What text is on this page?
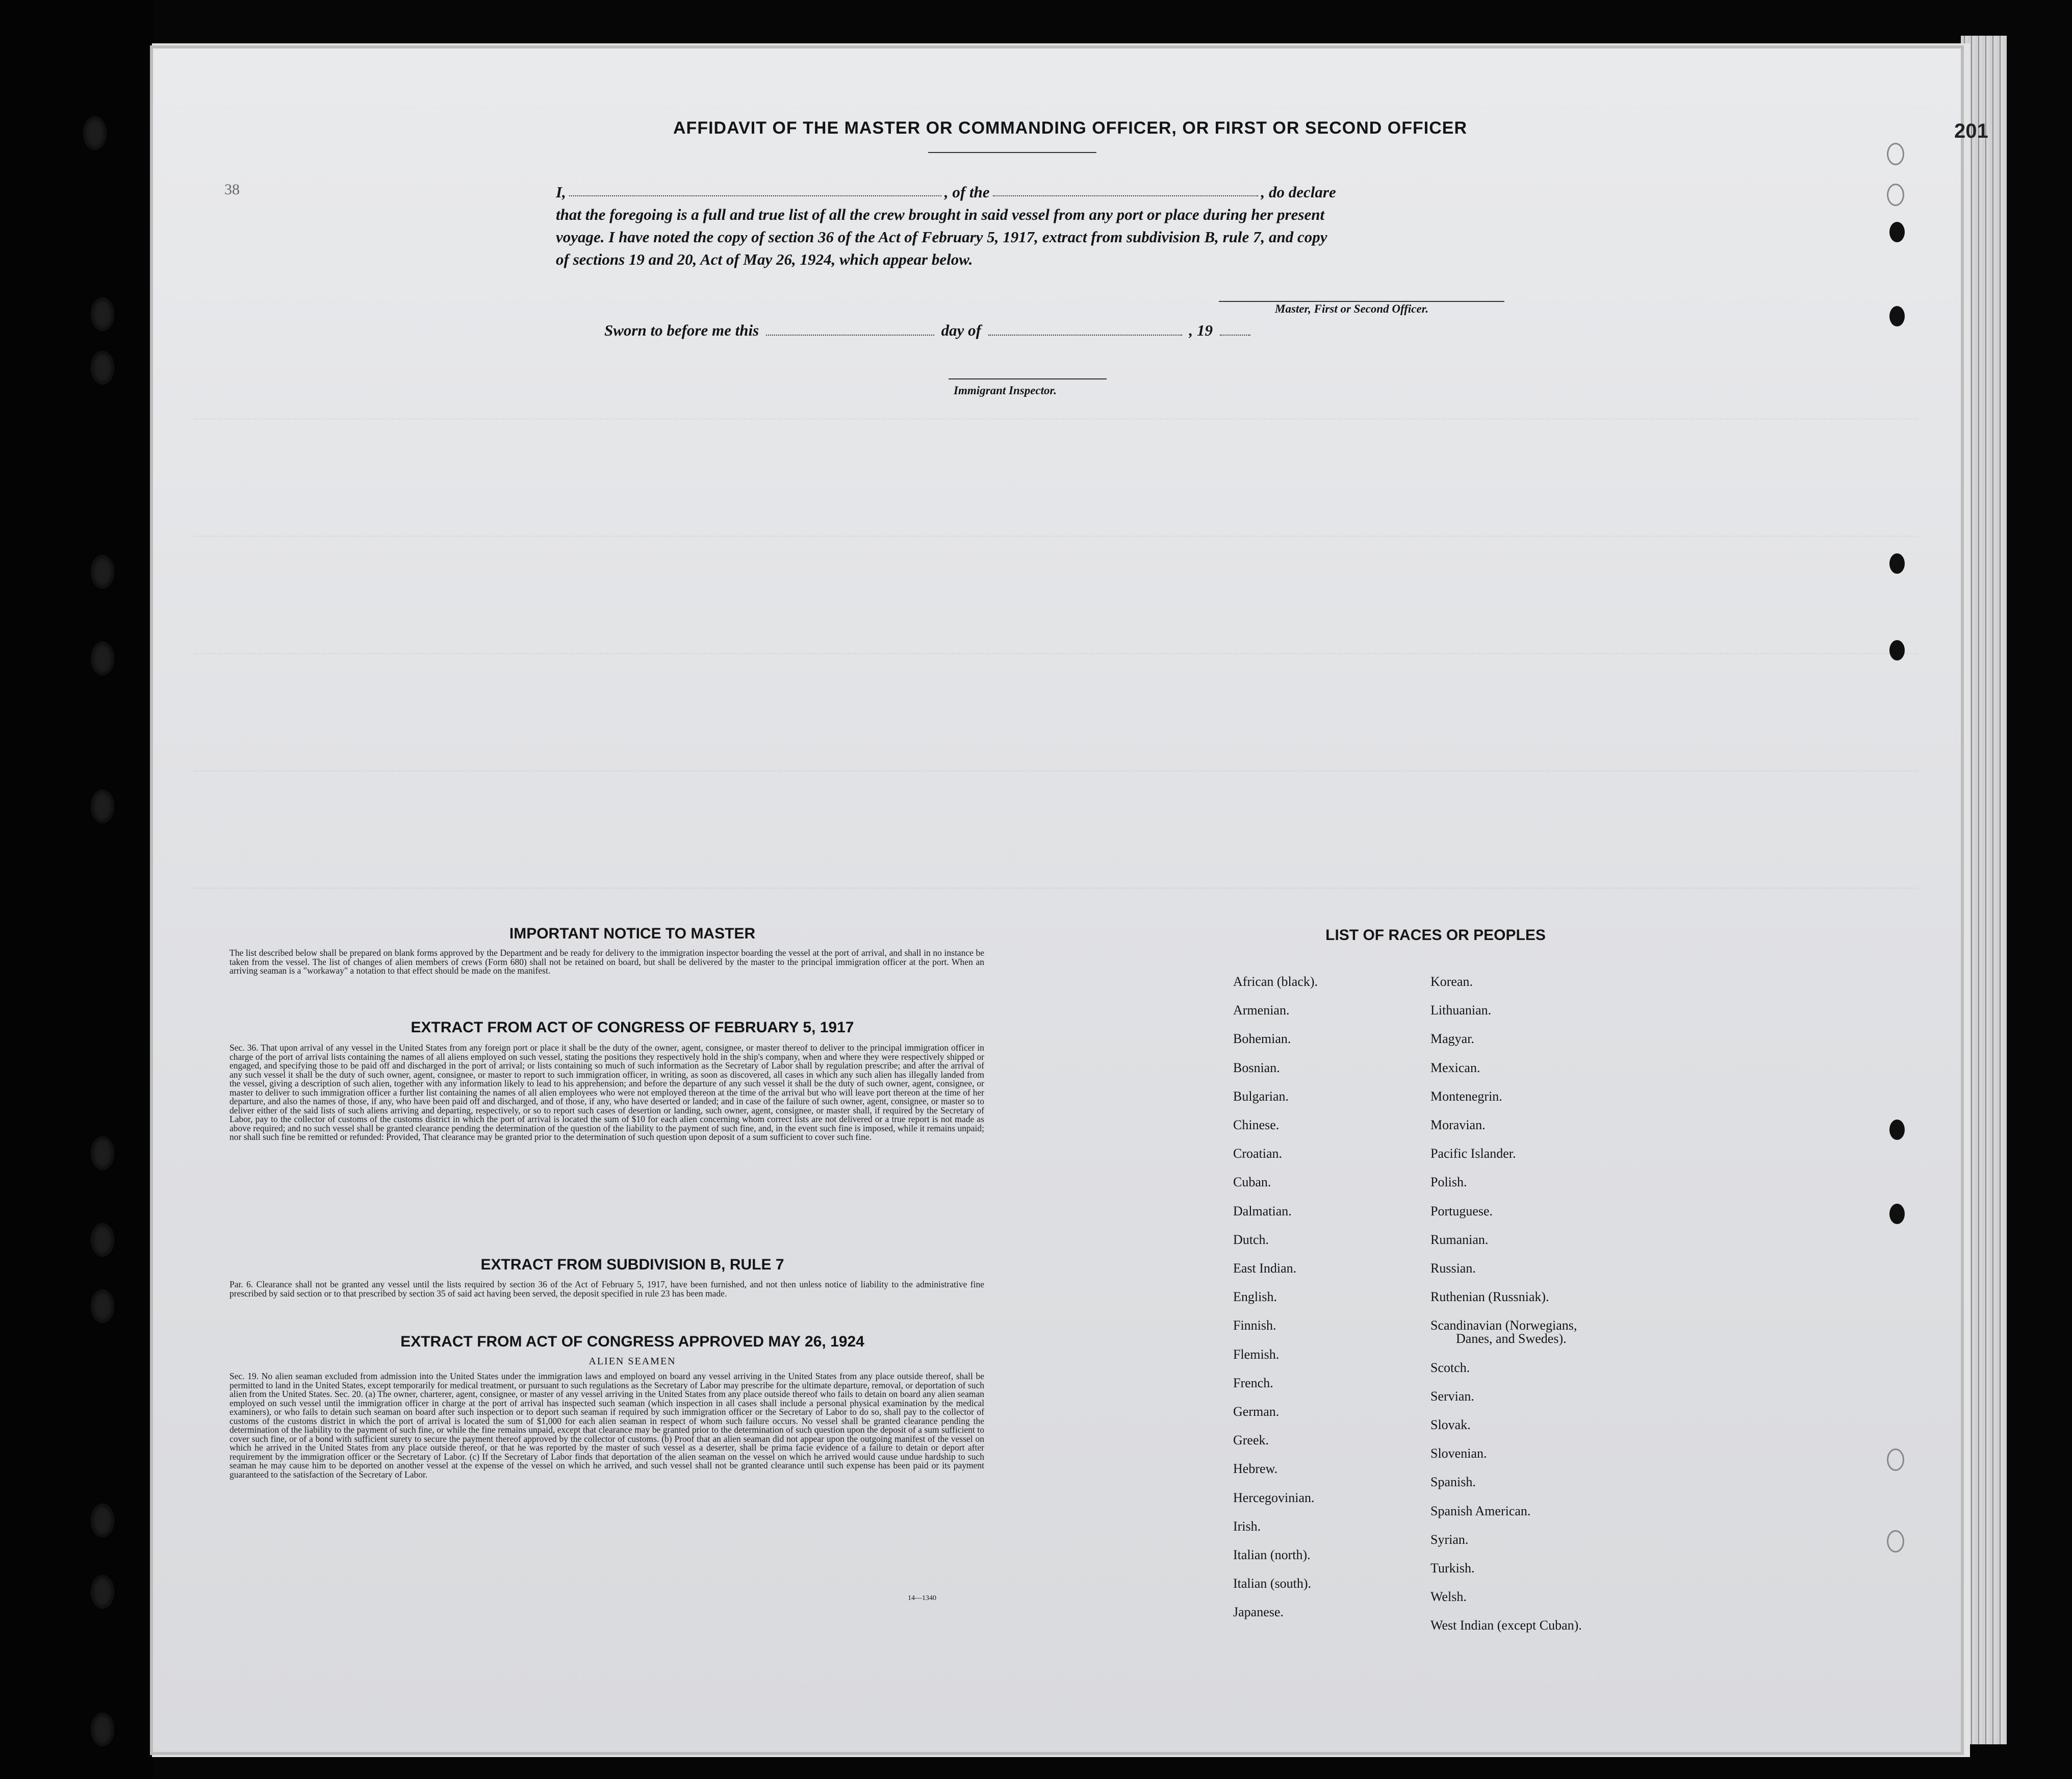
201
38
AFFIDAVIT OF THE MASTER OR COMMANDING OFFICER, OR FIRST OR SECOND OFFICER
I,	, of the	, do declare
that the foregoing is a full and true list of all the crew brought in said vessel from any port or place during her present
voyage. I have noted the copy of section 36 of the Act of February 5, 1917, extract from subdivision B, rule 7, and copy
of sections 19 and 20, Act of May 26, 1924, which appear below.
Master, First or Second Officer.
Sworn to before me this	day of	, 19
Immigrant Inspector.
IMPORTANT NOTICE TO MASTER
The list described below shall be prepared on blank forms approved by the Department and be ready for delivery to the immigration inspector boarding the vessel at the port of arrival, and shall in no instance be taken from the vessel. The list of changes of alien members of crews (Form 680) shall not be retained on board, but shall be delivered by the master to the principal immigration officer at the port. When an arriving seaman is a "workaway" a notation to that effect should be made on the manifest.
EXTRACT FROM ACT OF CONGRESS OF FEBRUARY 5, 1917
Sec. 36. That upon arrival of any vessel in the United States from any foreign port or place it shall be the duty of the owner, agent, consignee, or master thereof to deliver to the principal immigration officer in charge of the port of arrival lists containing the names of all aliens employed on such vessel, stating the positions they respectively hold in the ship's company, when and where they were respectively shipped or engaged, and specifying those to be paid off and discharged in the port of arrival; or lists containing so much of such information as the Secretary of Labor shall by regulation prescribe; and after the arrival of any such vessel it shall be the duty of such owner, agent, consignee, or master to report to such immigration officer, in writing, as soon as discovered, all cases in which any such alien has illegally landed from the vessel, giving a description of such alien, together with any information likely to lead to his apprehension; and before the departure of any such vessel it shall be the duty of such owner, agent, consignee, or master to deliver to such immigration officer a further list containing the names of all alien employees who were not employed thereon at the time of the arrival but who will leave port thereon at the time of her departure, and also the names of those, if any, who have been paid off and discharged, and of those, if any, who have deserted or landed; and in case of the failure of such owner, agent, consignee, or master so to deliver either of the said lists of such aliens arriving and departing, respectively, or so to report such cases of desertion or landing, such owner, agent, consignee, or master shall, if required by the Secretary of Labor, pay to the collector of customs of the customs district in which the port of arrival is located the sum of $10 for each alien concerning whom correct lists are not delivered or a true report is not made as above required; and no such vessel shall be granted clearance pending the determination of the question of the liability to the payment of such fine, and, in the event such fine is imposed, while it remains unpaid; nor shall such fine be remitted or refunded: Provided, That clearance may be granted prior to the determination of such question upon deposit of a sum sufficient to cover such fine.
EXTRACT FROM SUBDIVISION B, RULE 7
Par. 6. Clearance shall not be granted any vessel until the lists required by section 36 of the Act of February 5, 1917, have been furnished, and not then unless notice of liability to the administrative fine prescribed by said section or to that prescribed by section 35 of said act having been served, the deposit specified in rule 23 has been made.
EXTRACT FROM ACT OF CONGRESS APPROVED MAY 26, 1924
ALIEN SEAMEN
Sec. 19. No alien seaman excluded from admission into the United States under the immigration laws and employed on board any vessel arriving in the United States from any place outside thereof, shall be permitted to land in the United States, except temporarily for medical treatment, or pursuant to such regulations as the Secretary of Labor may prescribe for the ultimate departure, removal, or deportation of such alien from the United States. Sec. 20. (a) The owner, charterer, agent, consignee, or master of any vessel arriving in the United States from any place outside thereof who fails to detain on board any alien seaman employed on such vessel until the immigration officer in charge at the port of arrival has inspected such seaman (which inspection in all cases shall include a personal physical examination by the medical examiners), or who fails to detain such seaman on board after such inspection or to deport such seaman if required by such immigration officer or the Secretary of Labor to do so, shall pay to the collector of customs of the customs district in which the port of arrival is located the sum of $1,000 for each alien seaman in respect of whom such failure occurs. No vessel shall be granted clearance pending the determination of the liability to the payment of such fine, or while the fine remains unpaid, except that clearance may be granted prior to the determination of such question upon the deposit of a sum sufficient to cover such fine, or of a bond with sufficient surety to secure the payment thereof approved by the collector of customs. (b) Proof that an alien seaman did not appear upon the outgoing manifest of the vessel on which he arrived in the United States from any place outside thereof, or that he was reported by the master of such vessel as a deserter, shall be prima facie evidence of a failure to detain or deport after requirement by the immigration officer or the Secretary of Labor. (c) If the Secretary of Labor finds that deportation of the alien seaman on the vessel on which he arrived would cause undue hardship to such seaman he may cause him to be deported on another vessel at the expense of the vessel on which he arrived, and such vessel shall not be granted clearance until such expense has been paid or its payment guaranteed to the satisfaction of the Secretary of Labor.
14—1340
LIST OF RACES OR PEOPLES
African (black).
Armenian.
Bohemian.
Bosnian.
Bulgarian.
Chinese.
Croatian.
Cuban.
Dalmatian.
Dutch.
East Indian.
English.
Finnish.
Flemish.
French.
German.
Greek.
Hebrew.
Hercegovinian.
Irish.
Italian (north).
Italian (south).
Japanese.
Korean.
Lithuanian.
Magyar.
Mexican.
Montenegrin.
Moravian.
Pacific Islander.
Polish.
Portuguese.
Rumanian.
Russian.
Ruthenian (Russniak).
Scandinavian (Norwegians,
Danes, and Swedes).
Scotch.
Servian.
Slovak.
Slovenian.
Spanish.
Spanish American.
Syrian.
Turkish.
Welsh.
West Indian (except Cuban).
